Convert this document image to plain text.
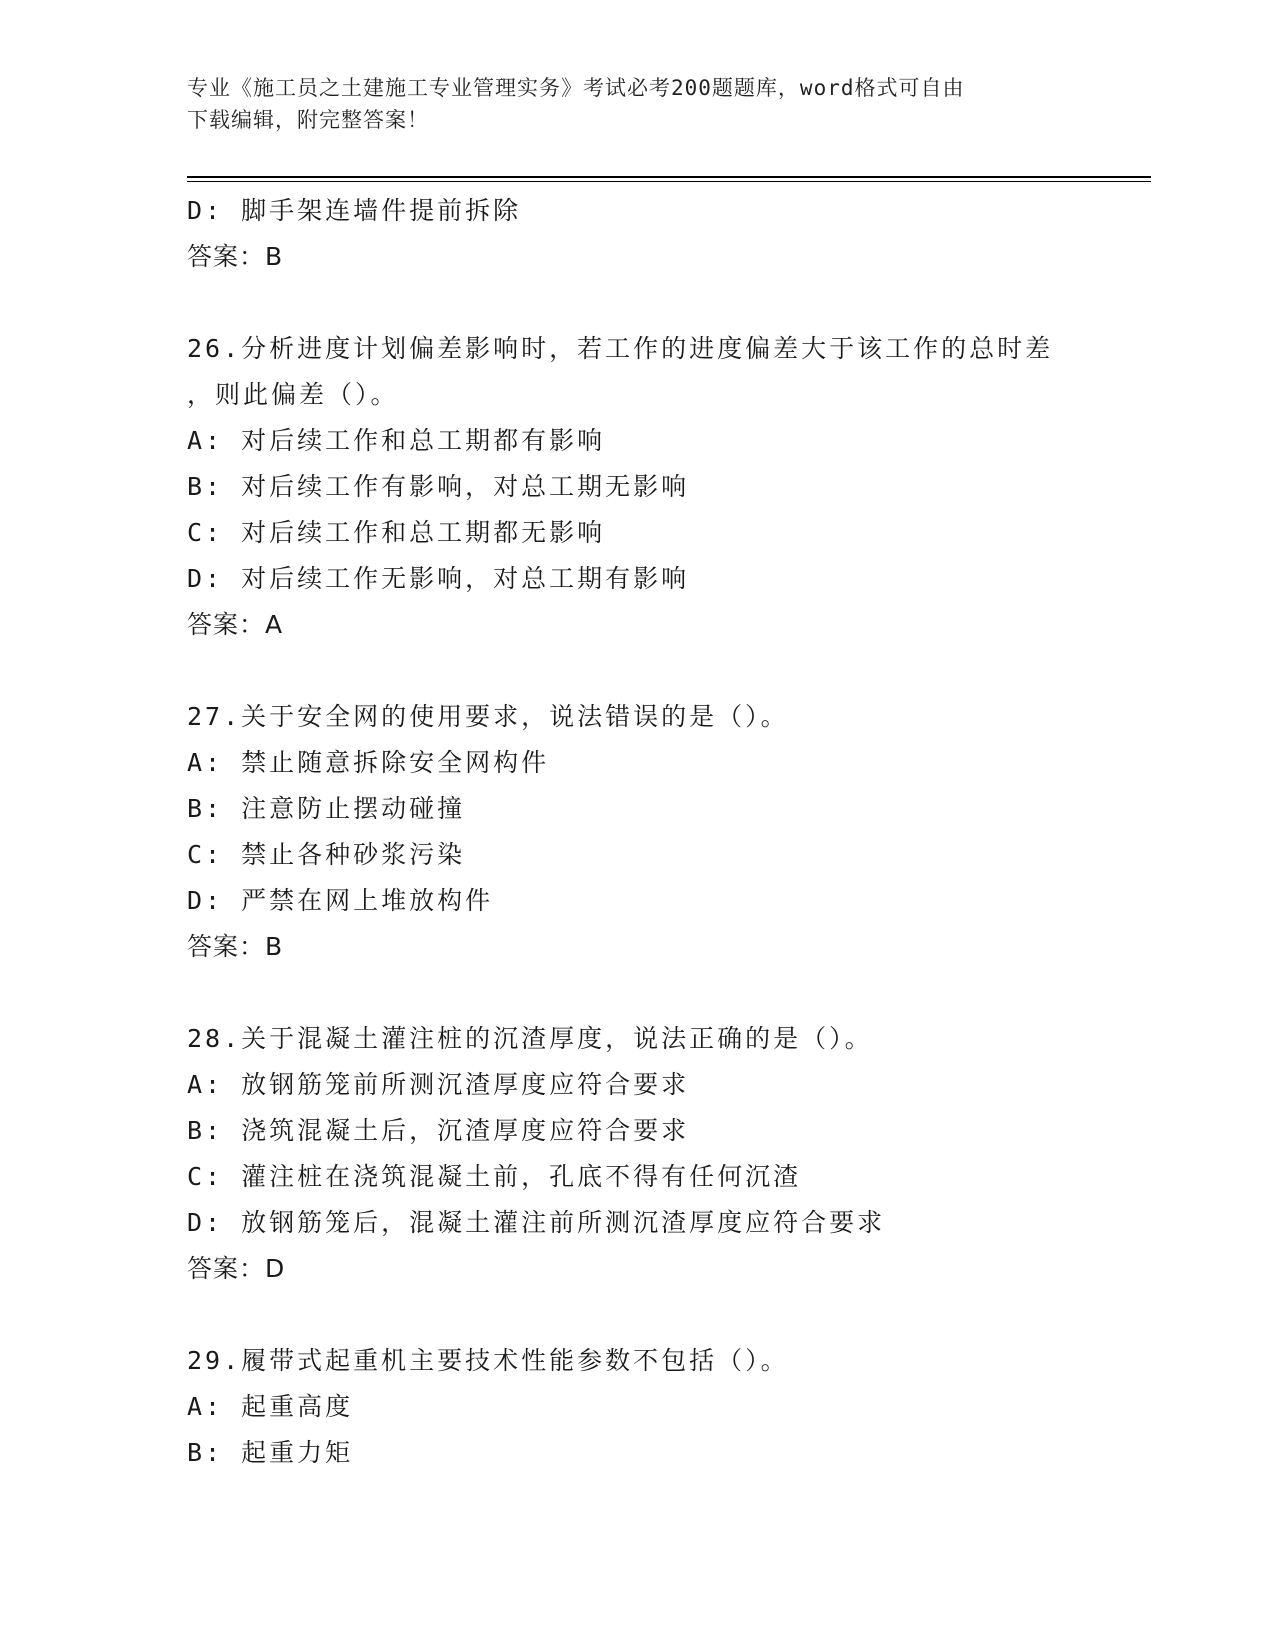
专业《施工员之土建施工专业管理实务》考试必考200题题库，word格式可自由
下载编辑，附完整答案！

D: 脚手架连墙件提前拆除

答案：B

26.分析进度计划偏差影响时，若工作的进度偏差大于该工作的总时差

，则此偏差（）。

A: 对后续工作和总工期都有影响

B: 对后续工作有影响，对总工期无影响

C: 对后续工作和总工期都无影响

D: 对后续工作无影响，对总工期有影响

答案：A

27.关于安全网的使用要求，说法错误的是（）。

A: 禁止随意拆除安全网构件

B: 注意防止摆动碰撞

C: 禁止各种砂浆污染

D: 严禁在网上堆放构件

答案：B

28.关于混凝土灌注桩的沉渣厚度，说法正确的是（）。

A: 放钢筋笼前所测沉渣厚度应符合要求

B: 浇筑混凝土后，沉渣厚度应符合要求

C: 灌注桩在浇筑混凝土前，孔底不得有任何沉渣

D: 放钢筋笼后，混凝土灌注前所测沉渣厚度应符合要求

答案：D

29.履带式起重机主要技术性能参数不包括（）。

A: 起重高度

B: 起重力矩
